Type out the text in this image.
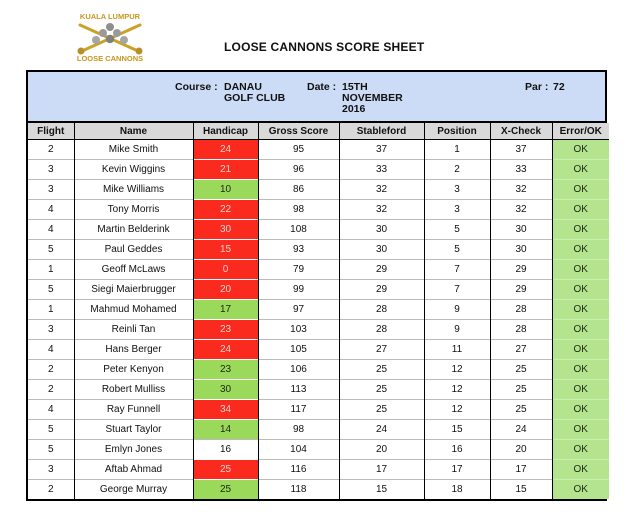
KUALA LUMPUR
LOOSE CANNONS
LOOSE CANNONS SCORE SHEET
Course : DANAU
GOLF CLUB
Date : 15TH
NOVEMBER
2016
Par : 72
Flight	Name	Handicap	Gross Score	Stableford	Position	X-Check	Error/OK
2	Mike Smith	24	95	37	1	37	OK
3	Kevin Wiggins	21	96	33	2	33	OK
3	Mike Williams	10	86	32	3	32	OK
4	Tony Morris	22	98	32	3	32	OK
4	Martin Belderink	30	108	30	5	30	OK
5	Paul Geddes	15	93	30	5	30	OK
1	Geoff McLaws	0	79	29	7	29	OK
5	Siegi Maierbrugger	20	99	29	7	29	OK
1	Mahmud Mohamed	17	97	28	9	28	OK
3	Reinli Tan	23	103	28	9	28	OK
4	Hans Berger	24	105	27	11	27	OK
2	Peter Kenyon	23	106	25	12	25	OK
2	Robert Mulliss	30	113	25	12	25	OK
4	Ray Funnell	34	117	25	12	25	OK
5	Stuart Taylor	14	98	24	15	24	OK
5	Emlyn Jones	16	104	20	16	20	OK
3	Aftab Ahmad	25	116	17	17	17	OK
2	George Murray	25	118	15	18	15	OK
